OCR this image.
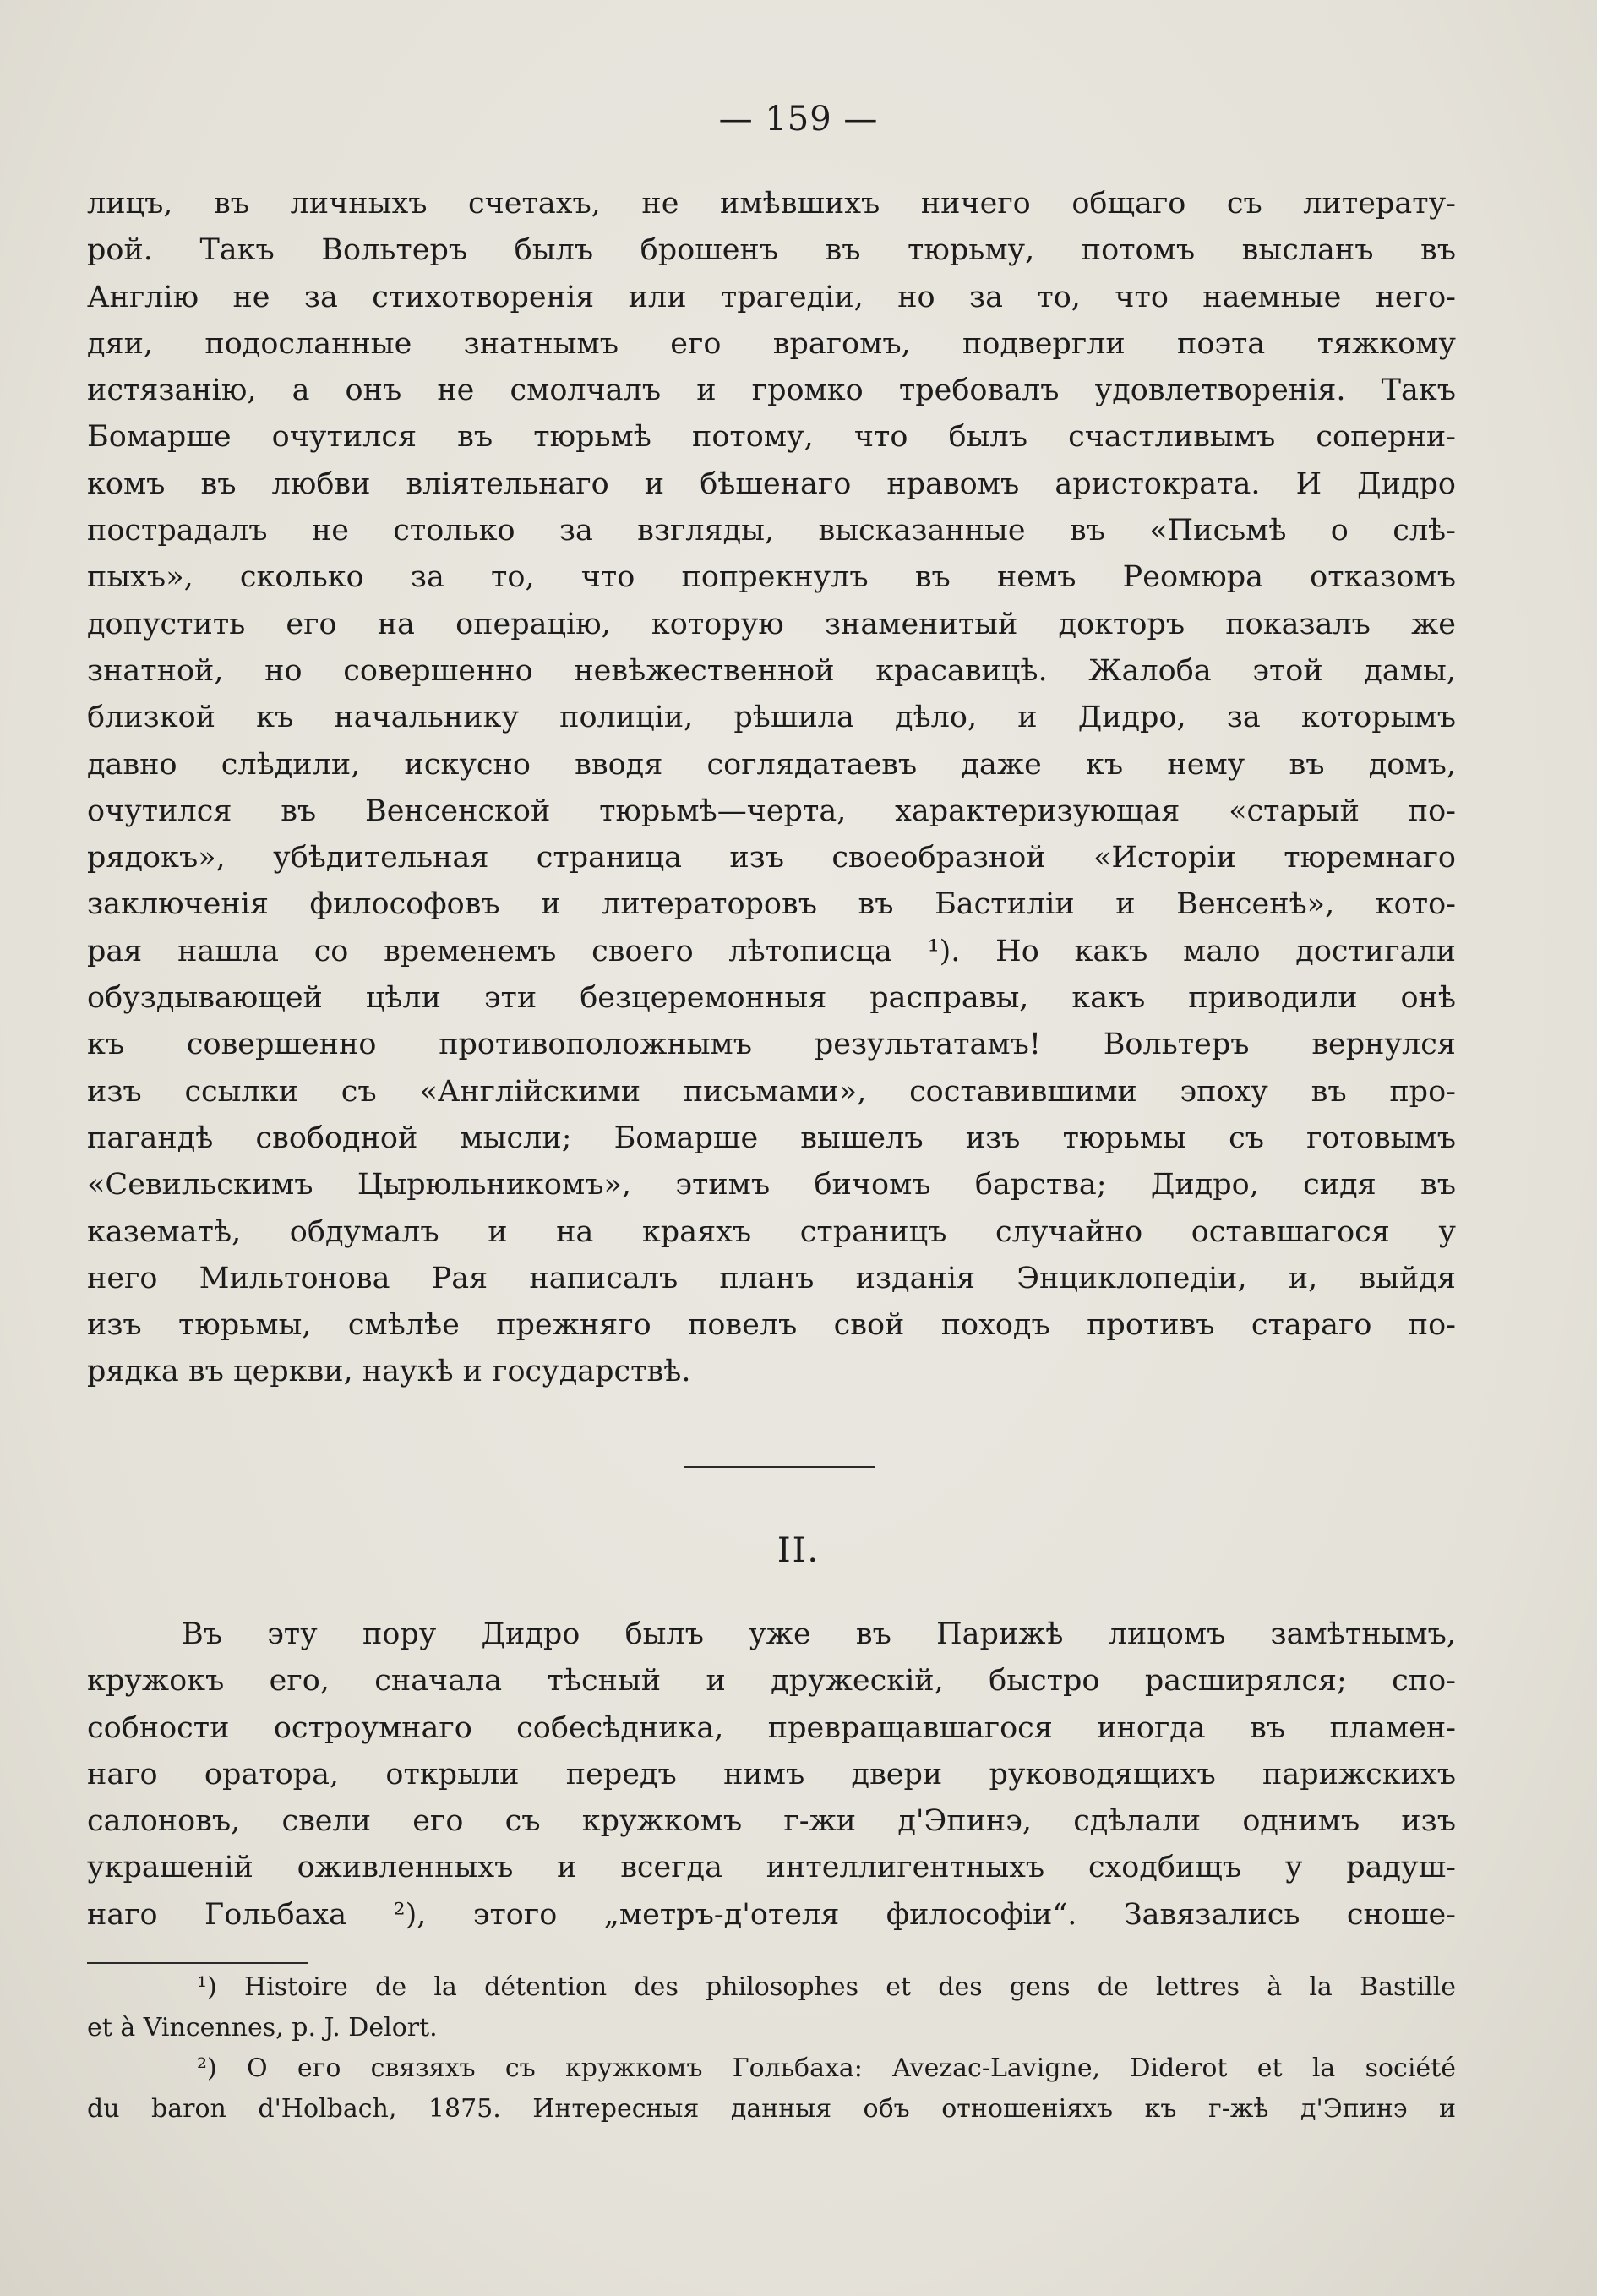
— 159 —
лицъ, въ личныхъ счетахъ, не имѣвшихъ ничего общаго съ литерату-
рой. Такъ Вольтеръ былъ брошенъ въ тюрьму, потомъ высланъ въ
Англію не за стихотворенія или трагедіи, но за то, что наемные него-
дяи, подосланные знатнымъ его врагомъ, подвергли поэта тяжкому
истязанію, а онъ не смолчалъ и громко требовалъ удовлетворенія. Такъ
Бомарше очутился въ тюрьмѣ потому, что былъ счастливымъ соперни-
комъ въ любви вліятельнаго и бѣшенаго нравомъ аристократа. И Дидро
пострадалъ не столько за взгляды, высказанные въ «Письмѣ о слѣ-
пыхъ», сколько за то, что попрекнулъ въ немъ Реомюра отказомъ
допустить его на операцію, которую знаменитый докторъ показалъ же
знатной, но совершенно невѣжественной красавицѣ. Жалоба этой дамы,
близкой къ начальнику полиціи, рѣшила дѣло, и Дидро, за которымъ
давно слѣдили, искусно вводя соглядатаевъ даже къ нему въ домъ,
очутился въ Венсенской тюрьмѣ—черта, характеризующая «старый по-
рядокъ», убѣдительная страница изъ своеобразной «Исторіи тюремнаго
заключенія философовъ и литераторовъ въ Бастиліи и Венсенѣ», кото-
рая нашла со временемъ своего лѣтописца ¹). Но какъ мало достигали
обуздывающей цѣли эти безцеремонныя расправы, какъ приводили онѣ
къ совершенно противоположнымъ результатамъ! Вольтеръ вернулся
изъ ссылки съ «Англійскими письмами», составившими эпоху въ про-
пагандѣ свободной мысли; Бомарше вышелъ изъ тюрьмы съ готовымъ
«Севильскимъ Цырюльникомъ», этимъ бичомъ барства; Дидро, сидя въ
казематѣ, обдумалъ и на краяхъ страницъ случайно оставшагося у
него Мильтонова Рая написалъ планъ изданія Энциклопедіи, и, выйдя
изъ тюрьмы, смѣлѣе прежняго повелъ свой походъ противъ стараго по-
рядка въ церкви, наукѣ и государствѣ.
II.
Въ эту пору Дидро былъ уже въ Парижѣ лицомъ замѣтнымъ,
кружокъ его, сначала тѣсный и дружескій, быстро расширялся; спо-
собности остроумнаго собесѣдника, превращавшагося иногда въ пламен-
наго оратора, открыли передъ нимъ двери руководящихъ парижскихъ
салоновъ, свели его съ кружкомъ г-жи д'Эпинэ, сдѣлали однимъ изъ
украшеній оживленныхъ и всегда интеллигентныхъ сходбищъ у радуш-
наго Гольбаха ²), этого „метръ-д'отеля философіи“. Завязались сноше-
¹) Histoire de la détention des philosophes et des gens de lettres à la Bastille
et à Vincennes, p. J. Delort.
²) О его связяхъ съ кружкомъ Гольбаха: Avezac-Lavigne, Diderot et la société
du baron d'Holbach, 1875. Интересныя данныя объ отношеніяхъ къ г-жѣ д'Эпинэ и
